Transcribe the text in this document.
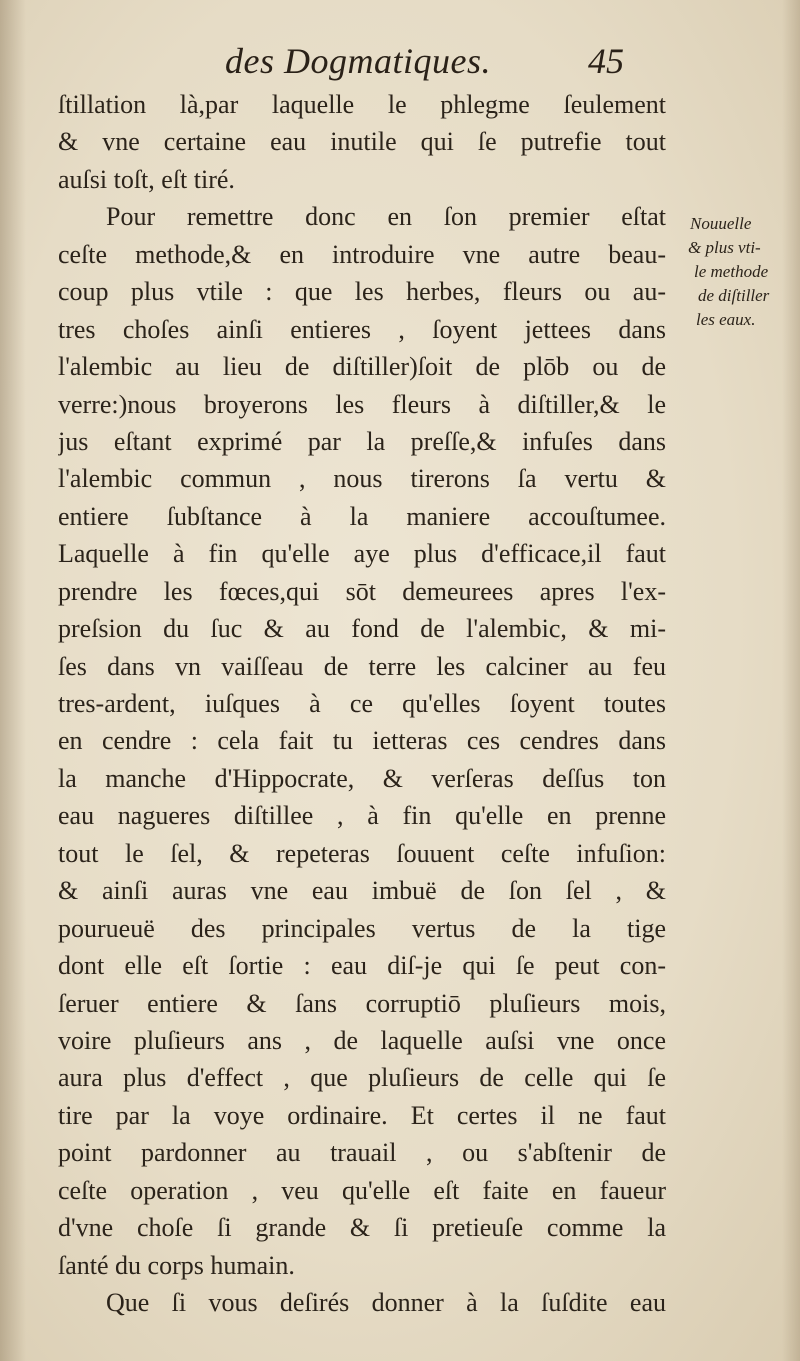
des Dogmatiques.	45
ſtillation là,par laquelle le phlegme ſeulement
& vne certaine eau inutile qui ſe putrefie tout
auſsi toſt, eſt tiré.
Pour remettre donc en ſon premier eſtat
ceſte methode,& en introduire vne autre beau-
coup plus vtile : que les herbes, fleurs ou au-
tres choſes ainſi entieres , ſoyent jettees dans
l'alembic au lieu de diſtiller)ſoit de plōb ou de
verre:)nous broyerons les fleurs à diſtiller,& le
jus eſtant exprimé par la preſſe,& infuſes dans
l'alembic commun , nous tirerons ſa vertu &
entiere ſubſtance à la maniere accouſtumee.
Laquelle à fin qu'elle aye plus d'efficace,il faut
prendre les fœces,qui sōt demeurees apres l'ex-
preſsion du ſuc & au fond de l'alembic, & mi-
ſes dans vn vaiſſeau de terre les calciner au feu
tres-ardent, iuſques à ce qu'elles ſoyent toutes
en cendre : cela fait tu ietteras ces cendres dans
la manche d'Hippocrate, & verſeras deſſus ton
eau nagueres diſtillee , à fin qu'elle en prenne
tout le ſel, & repeteras ſouuent ceſte infuſion:
& ainſi auras vne eau imbuë de ſon ſel , &
pourueuë des principales vertus de la tige
dont elle eſt ſortie : eau diſ-je qui ſe peut con-
ſeruer entiere & ſans corruptiō pluſieurs mois,
voire pluſieurs ans , de laquelle auſsi vne once
aura plus d'effect , que pluſieurs de celle qui ſe
tire par la voye ordinaire. Et certes il ne faut
point pardonner au trauail , ou s'abſtenir de
ceſte operation , veu qu'elle eſt faite en faueur
d'vne choſe ſi grande & ſi pretieuſe comme la
ſanté du corps humain.
Que ſi vous deſirés donner à la ſuſdite eau
Nouuelle
& plus vti-
le methode
de diſtiller
les eaux.
